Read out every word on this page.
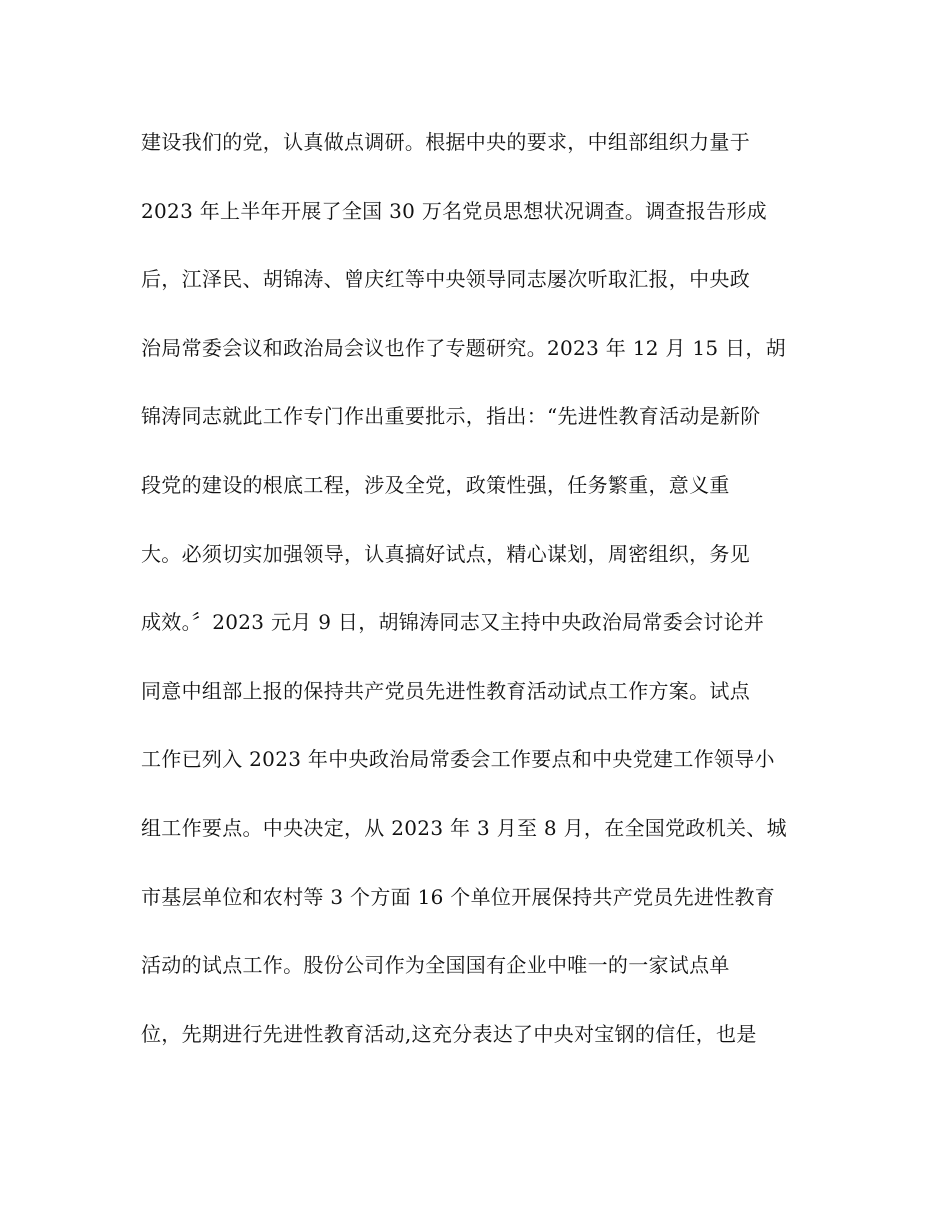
建设我们的党，认真做点调研。根据中央的要求，中组部组织力量于
2023 年上半年开展了全国 30 万名党员思想状况调查。调查报告形成
后，江泽民、胡锦涛、曾庆红等中央领导同志屡次听取汇报，中央政
治局常委会议和政治局会议也作了专题研究。2023 年 12 月 15 日，胡
锦涛同志就此工作专门作出重要批示，指出：“先进性教育活动是新阶
段党的建设的根底工程，涉及全党，政策性强，任务繁重，意义重
大。必须切实加强领导，认真搞好试点，精心谋划，周密组织，务见
成效。〞2023 元月 9 日，胡锦涛同志又主持中央政治局常委会讨论并
同意中组部上报的保持共产党员先进性教育活动试点工作方案。试点
工作已列入 2023 年中央政治局常委会工作要点和中央党建工作领导小
组工作要点。中央决定，从 2023 年 3 月至 8 月，在全国党政机关、城
市基层单位和农村等 3 个方面 16 个单位开展保持共产党员先进性教育
活动的试点工作。股份公司作为全国国有企业中唯一的一家试点单
位，先期进行先进性教育活动,这充分表达了中央对宝钢的信任，也是
